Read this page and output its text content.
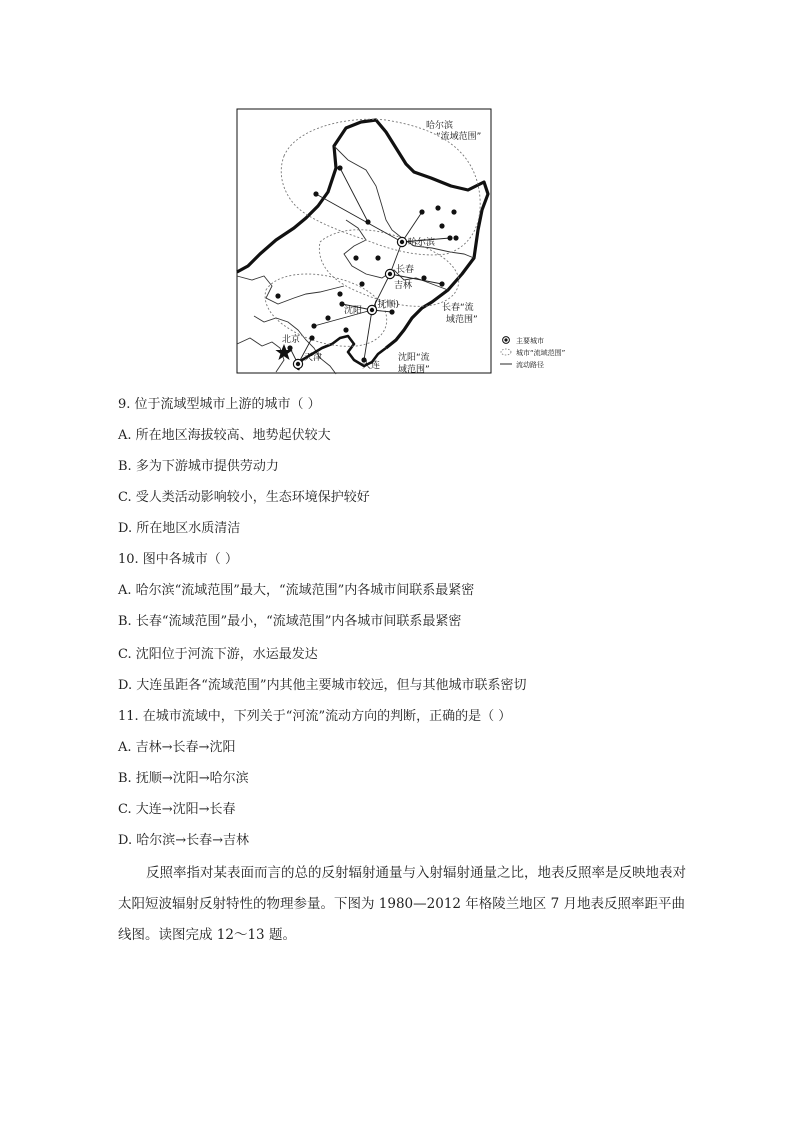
哈尔滨
“流域范围”
哈尔滨
长春
吉林
沈阳
(抚顺)
北京
天津
大连
沈阳“流
域范围”
长春“流
域范围”
主要城市
城市“流域范围”
流动路径
9. 位于流域型城市上游的城市（ ）
A. 所在地区海拔较高、地势起伏较大
B. 多为下游城市提供劳动力
C. 受人类活动影响较小，生态环境保护较好
D. 所在地区水质清洁
10. 图中各城市（ ）
A. 哈尔滨“流域范围”最大，“流域范围”内各城市间联系最紧密
B. 长春“流域范围”最小，“流域范围”内各城市间联系最紧密
C. 沈阳位于河流下游，水运最发达
D. 大连虽距各“流域范围”内其他主要城市较远，但与其他城市联系密切
11. 在城市流域中，下列关于“河流”流动方向的判断，正确的是（ ）
A. 吉林→长春→沈阳
B. 抚顺→沈阳→哈尔滨
C. 大连→沈阳→长春
D. 哈尔滨→长春→吉林
反照率指对某表面而言的总的反射辐射通量与入射辐射通量之比，地表反照率是反映地表对太阳短波辐射反射特性的物理参量。下图为 1980—2012 年格陵兰地区 7 月地表反照率距平曲线图。读图完成 12～13 题。
